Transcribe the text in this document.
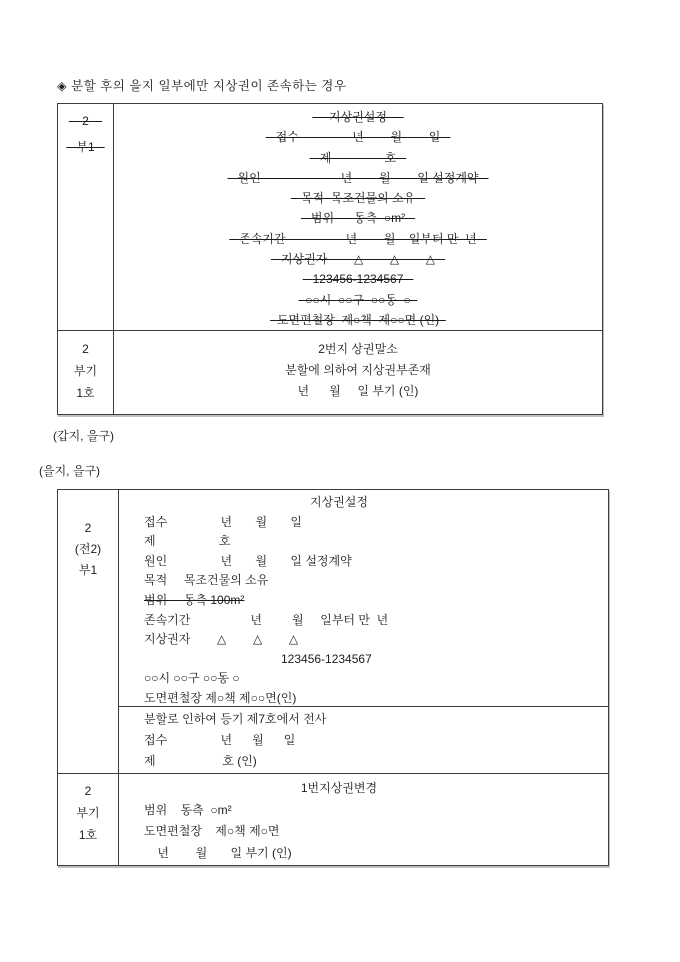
◈ 분할 후의 을지 일부에만 지상권이 존속하는 경우
2
부1
지상권설정
접수                년        월        일
제                호
원인                        년        월        일 설정계약
목적  목조건물의 소유
범위      동측  ○m²
존속기간                  년        월    일부터 만  년
지상권자        △        △        △
123456-1234567
○○시  ○○구  ○○동  ○
도면편철장  제○책  제○○면 (인)
2
부기
1호
2번지 상권말소
분할에 의하여 지상권부존재
년      월     일 부기 (인)
(갑지, 을구)
(을지, 을구)
2
(전2)
부1
지상권설정
접수                년       월       일
제                   호
원인                년       월       일 설정계약
목적     목조건물의 소유
범위     동측 100m²
존속기간                  년         월     일부터 만  년
지상권자        △        △        △
123456-1234567
○○시 ○○구 ○○동 ○
도면편철장 제○책 제○○면(인)
분할로 인하여 등기 제7호에서 전사
접수                년      월      일
제                    호 (인)
2
부기
1호
1번지상권변경
범위    동측  ○m²
도면편철장    제○책 제○면
년        월       일 부기 (인)
